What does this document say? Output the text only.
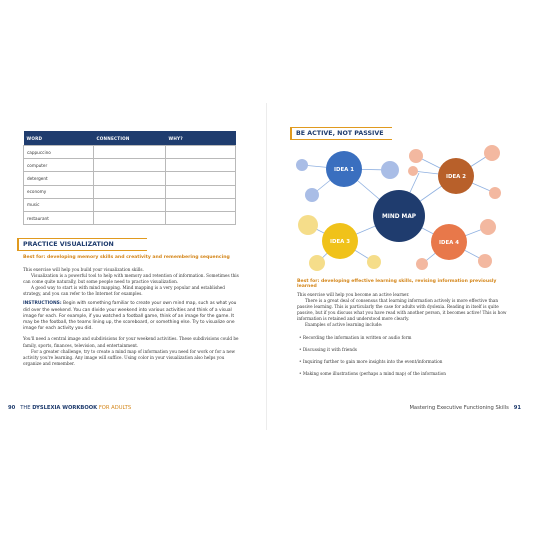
WORD	CONNECTION	WHY?
cappuccino		
computer		
detergent		
economy		
music		
restaurant		
PRACTICE VISUALIZATION
Best for: developing memory skills and creativity and remembering sequencing

This exercise will help you build your visualization skills.

Visualization is a powerful tool to help with memory and retention of information. Sometimes this can come quite naturally, but some people need to practice visualization.

A good way to start is with mind mapping. Mind mapping is a very popular and established strategy, and you can refer to the Internet for examples.

INSTRUCTIONS: Begin with something familiar to create your own mind map, such as what you did over the weekend. You can divide your weekend into various activities and think of a visual image for each. For example, if you watched a football game, think of an image for the game. It may be the football, the teams lining up, the scoreboard, or something else. Try to visualize one image for each activity you did.

You'll need a central image and subdivisions for your weekend activities. These subdivisions could be family, sports, finances, television, and entertainment.

For a greater challenge, try to create a mind map of information you need for work or for a new activity you're learning. Any image will suffice. Using color in your visualization also helps you organize and remember.

90 THE DYSLEXIA WORKBOOK FOR ADULTS
BE ACTIVE, NOT PASSIVE
IDEA 1
IDEA 2
IDEA 3	IDEA 4
MIND MAP
Best for: developing effective learning skills, revising information previously learned

This exercise will help you become an active learner.

There is a great deal of consensus that learning information actively is more effective than passive learning. This is particularly the case for adults with dyslexia. Reading in itself is quite passive, but if you discuss what you have read with another person, it becomes active! This is how information is retained and understood more clearly.

Examples of active learning include:

• Recording the information in written or audio form

• Discussing it with friends

• Inquiring further to gain more insights into the event/information

• Making some illustrations (perhaps a mind map) of the information

Mastering Executive Functioning Skills 91
